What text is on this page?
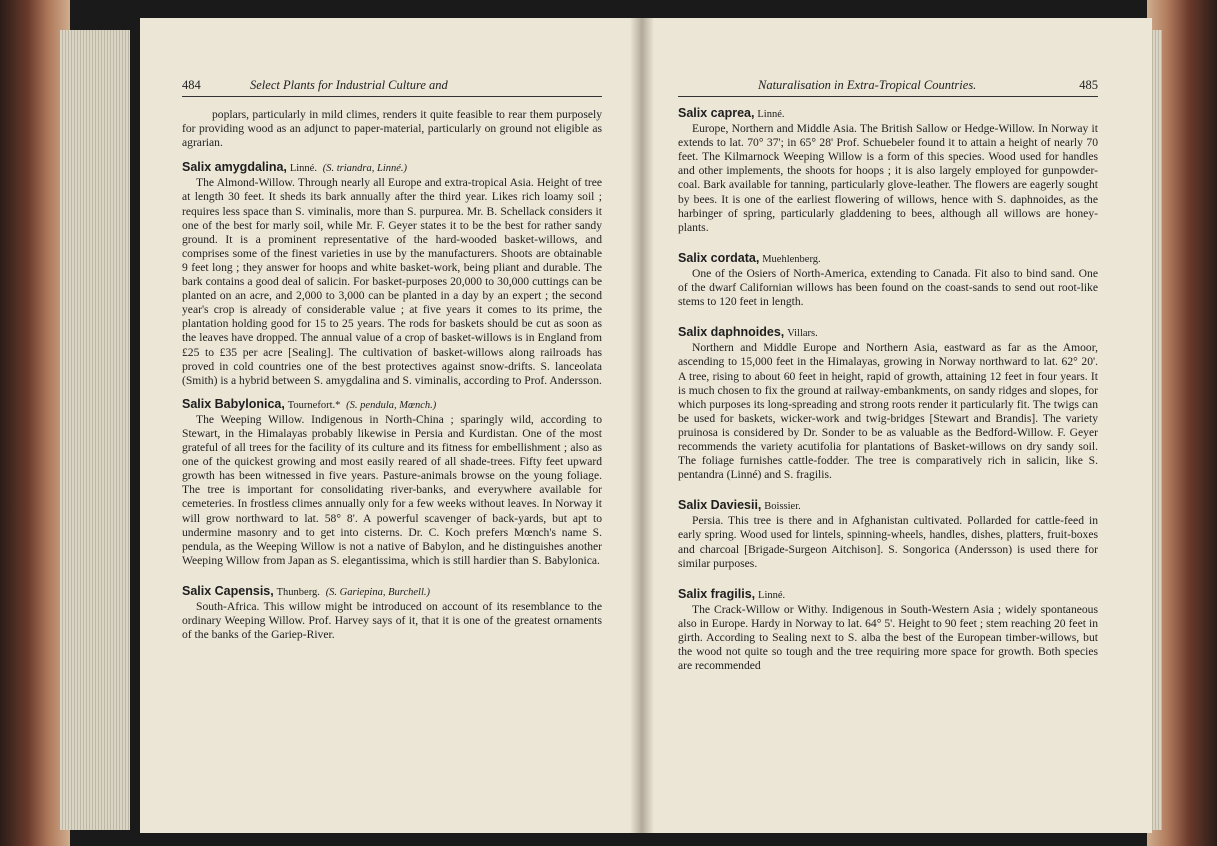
484	Select Plants for Industrial Culture and

poplars, particularly in mild climes, renders it quite feasible to rear them purposely for providing wood as an adjunct to paper-material, particularly on ground not eligible as agrarian.

Salix amygdalina, Linné. (S. triandra, Linné.)

The Almond-Willow. Through nearly all Europe and extra-tropical Asia. Height of tree at length 30 feet. It sheds its bark annually after the third year. Likes rich loamy soil ; requires less space than S. viminalis, more than S. purpurea. Mr. B. Schellack considers it one of the best for marly soil, while Mr. F. Geyer states it to be the best for rather sandy ground. It is a prominent representative of the hard-wooded basket-willows, and comprises some of the finest varieties in use by the manufacturers. Shoots are obtainable 9 feet long ; they answer for hoops and white basket-work, being pliant and durable. The bark contains a good deal of salicin. For basket-purposes 20,000 to 30,000 cuttings can be planted on an acre, and 2,000 to 3,000 can be planted in a day by an expert ; the second year's crop is already of considerable value ; at five years it comes to its prime, the plantation holding good for 15 to 25 years. The rods for baskets should be cut as soon as the leaves have dropped. The annual value of a crop of basket-willows is in England from £25 to £35 per acre [Sealing]. The cultivation of basket-willows along railroads has proved in cold countries one of the best protectives against snow-drifts. S. lanceolata (Smith) is a hybrid between S. amygdalina and S. viminalis, according to Prof. Andersson.

Salix Babylonica, Tournefort.* (S. pendula, Mœnch.)

The Weeping Willow. Indigenous in North-China ; sparingly wild, according to Stewart, in the Himalayas probably likewise in Persia and Kurdistan. One of the most grateful of all trees for the facility of its culture and its fitness for embellishment ; also as one of the quickest growing and most easily reared of all shade-trees. Fifty feet upward growth has been witnessed in five years. Pasture-animals browse on the young foliage. The tree is important for consolidating river-banks, and everywhere available for cemeteries. In frostless climes annually only for a few weeks without leaves. In Norway it will grow northward to lat. 58° 8'. A powerful scavenger of back-yards, but apt to undermine masonry and to get into cisterns. Dr. C. Koch prefers Mœnch's name S. pendula, as the Weeping Willow is not a native of Babylon, and he distinguishes another Weeping Willow from Japan as S. elegantissima, which is still hardier than S. Babylonica.

Salix Capensis, Thunberg. (S. Gariepina, Burchell.)

South-Africa. This willow might be introduced on account of its resemblance to the ordinary Weeping Willow. Prof. Harvey says of it, that it is one of the greatest ornaments of the banks of the Gariep-River.

Naturalisation in Extra-Tropical Countries.	485

Salix caprea, Linné.

Europe, Northern and Middle Asia. The British Sallow or Hedge-Willow. In Norway it extends to lat. 70° 37'; in 65° 28' Prof. Schuebeler found it to attain a height of nearly 70 feet. The Kilmarnock Weeping Willow is a form of this species. Wood used for handles and other implements, the shoots for hoops ; it is also largely employed for gunpowder-coal. Bark available for tanning, particularly glove-leather. The flowers are eagerly sought by bees. It is one of the earliest flowering of willows, hence with S. daphnoides, as the harbinger of spring, particularly gladdening to bees, although all willows are honey-plants.

Salix cordata, Muehlenberg.

One of the Osiers of North-America, extending to Canada. Fit also to bind sand. One of the dwarf Californian willows has been found on the coast-sands to send out root-like stems to 120 feet in length.

Salix daphnoides, Villars.

Northern and Middle Europe and Northern Asia, eastward as far as the Amoor, ascending to 15,000 feet in the Himalayas, growing in Norway northward to lat. 62° 20'. A tree, rising to about 60 feet in height, rapid of growth, attaining 12 feet in four years. It is much chosen to fix the ground at railway-embankments, on sandy ridges and slopes, for which purposes its long-spreading and strong roots render it particularly fit. The twigs can be used for baskets, wicker-work and twig-bridges [Stewart and Brandis]. The variety pruinosa is considered by Dr. Sonder to be as valuable as the Bedford-Willow. F. Geyer recommends the variety acutifolia for plantations of Basket-willows on dry sandy soil. The foliage furnishes cattle-fodder. The tree is comparatively rich in salicin, like S. pentandra (Linné) and S. fragilis.

Salix Daviesii, Boissier.

Persia. This tree is there and in Afghanistan cultivated. Pollarded for cattle-feed in early spring. Wood used for lintels, spinning-wheels, handles, dishes, platters, fruit-boxes and charcoal [Brigade-Surgeon Aitchison]. S. Songorica (Andersson) is used there for similar purposes.

Salix fragilis, Linné.

The Crack-Willow or Withy. Indigenous in South-Western Asia ; widely spontaneous also in Europe. Hardy in Norway to lat. 64° 5'. Height to 90 feet ; stem reaching 20 feet in girth. According to Sealing next to S. alba the best of the European timber-willows, but the wood not quite so tough and the tree requiring more space for growth. Both species are recommended
